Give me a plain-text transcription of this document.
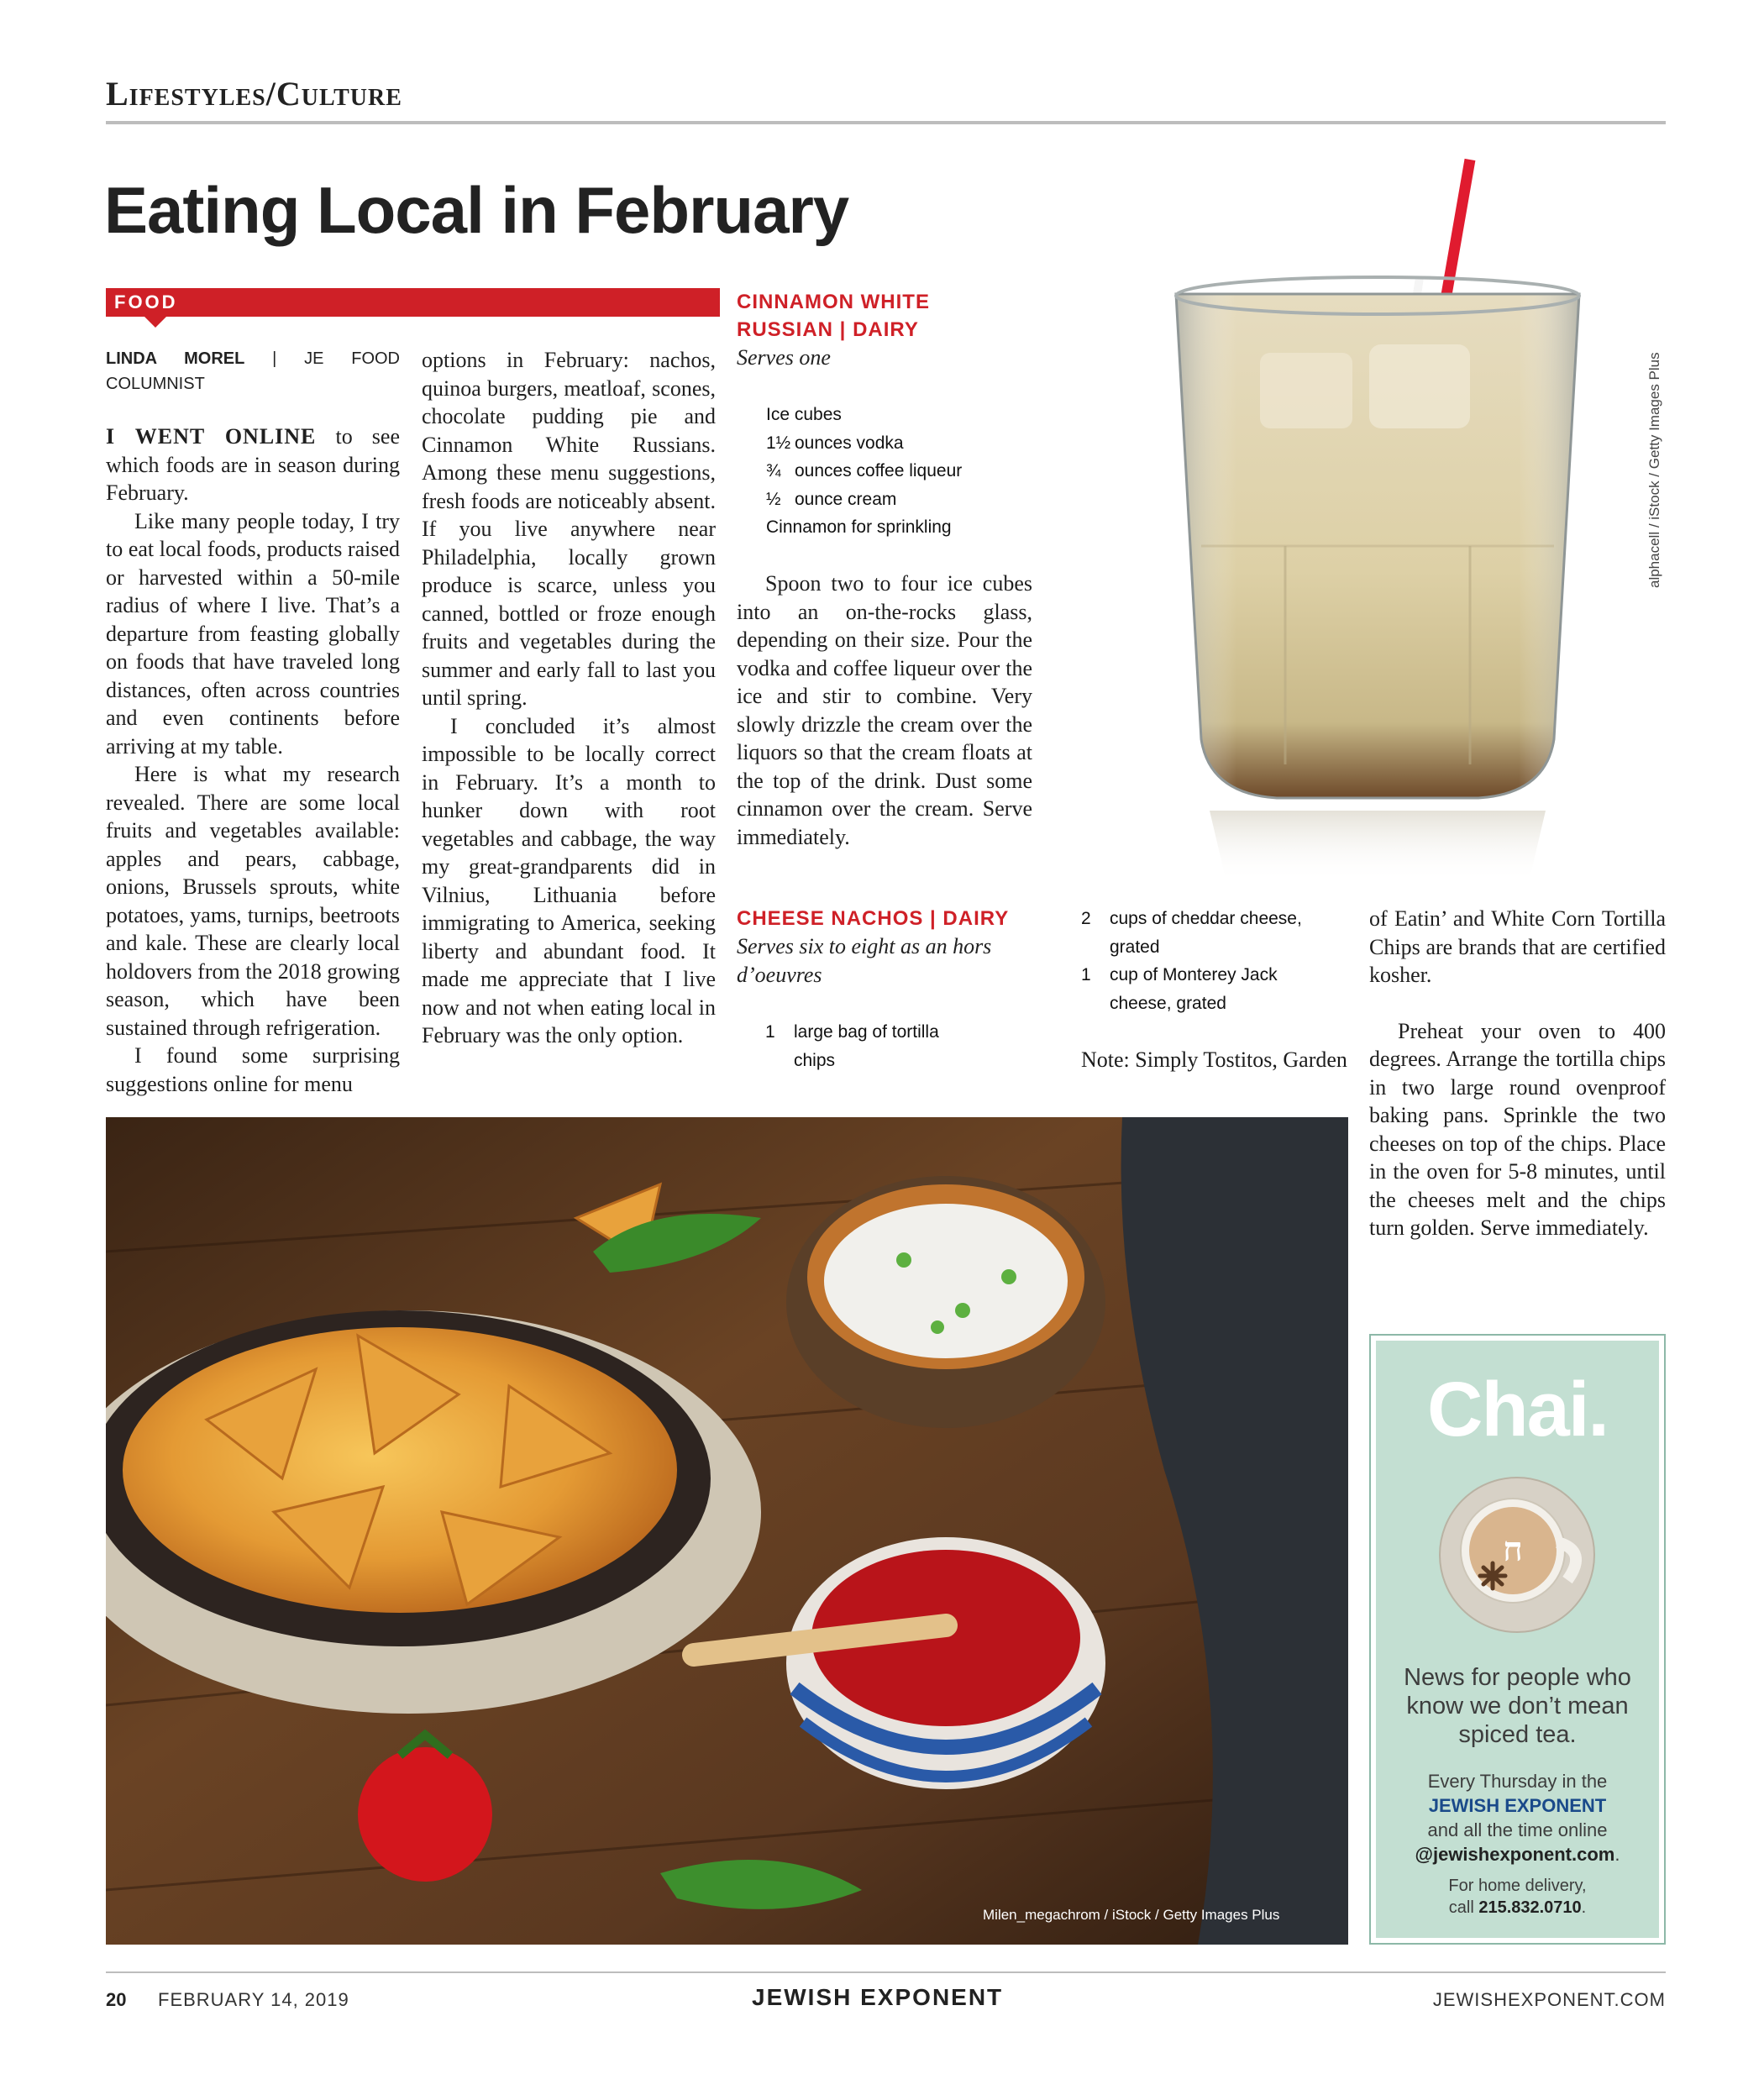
Lifestyles/Culture
Eating Local in February
FOOD
LINDA MOREL | JE FOOD COLUMNIST

I WENT ONLINE to see which foods are in season during February.

Like many people today, I try to eat local foods, products raised or harvested within a 50-mile radius of where I live. That’s a departure from feasting globally on foods that have traveled long distances, often across countries and even continents before arriving at my table.

Here is what my research revealed. There are some local fruits and vegetables available: apples and pears, cabbage, onions, Brussels sprouts, white potatoes, yams, turnips, beetroots and kale. These are clearly local holdovers from the 2018 growing season, which have been sustained through refrigeration.

I found some surprising suggestions online for menu

options in February: nachos, quinoa burgers, meatloaf, scones, chocolate pudding pie and Cinnamon White Russians. Among these menu suggestions, fresh foods are noticeably absent. If you live anywhere near Philadelphia, locally grown produce is scarce, unless you canned, bottled or froze enough fruits and vegetables during the summer and early fall to last you until spring.

I concluded it’s almost impossible to be locally correct in February. It’s a month to hunker down with root vegetables and cabbage, the way my great-grandparents did in Vilnius, Lithuania before immigrating to America, seeking liberty and abundant food. It made me appreciate that I live now and not when eating local in February was the only option.

CINNAMON WHITE
RUSSIAN | DAIRY
Serves one
Ice cubes
1½ ounces vodka
¾ ounces coffee liqueur
½ ounce cream
Cinnamon for sprinkling

Spoon two to four ice cubes into an on-the-rocks glass, depending on their size. Pour the vodka and coffee liqueur over the ice and stir to combine. Very slowly drizzle the cream over the liquors so that the cream floats at the top of the drink. Dust some cinnamon over the cream. Serve immediately.

CHEESE NACHOS | DAIRY
Serves six to eight as an hors d’oeuvres
1	large bag of tortilla chips
2	cups of cheddar cheese, grated
1	cup of Monterey Jack cheese, grated
Note: Simply Tostitos, Garden

of Eatin’ and White Corn Tortilla Chips are brands that are certified kosher.

Preheat your oven to 400 degrees. Arrange the tortilla chips in two large round ovenproof baking pans. Sprinkle the two cheeses on top of the chips. Place in the oven for 5-8 minutes, until the cheeses melt and the chips turn golden. Serve immediately.

alphacell / iStock / Getty Images Plus
Milen_megachrom / iStock / Getty Images Plus
Chai.
ח
News for people who know we don’t mean spiced tea.
Every Thursday in the
JEWISH EXPONENT
and all the time online
@jewishexponent.com.
For home delivery,
call 215.832.0710.
20 FEBRUARY 14, 2019	JEWISH EXPONENT	JEWISHEXPONENT.COM
